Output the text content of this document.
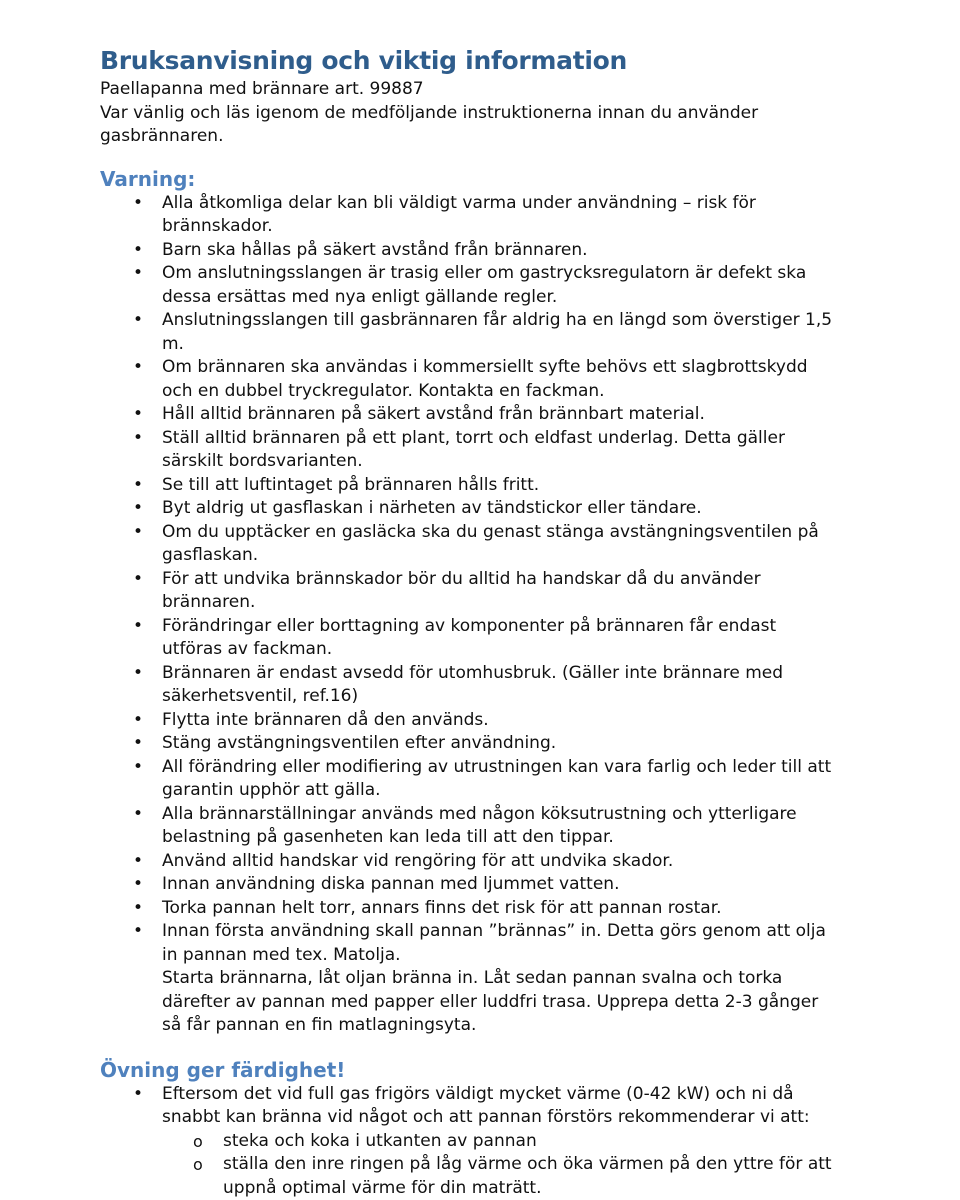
Bruksanvisning och viktig information

Paellapanna med brännare art. 99887

Var vänlig och läs igenom de medföljande instruktionerna innan du använder gasbrännaren.

Varning:
• Alla åtkomliga delar kan bli väldigt varma under användning – risk för brännskador.
• Barn ska hållas på säkert avstånd från brännaren.
• Om anslutningsslangen är trasig eller om gastrycksregulatorn är defekt ska dessa ersättas med nya enligt gällande regler.
• Anslutningsslangen till gasbrännaren får aldrig ha en längd som överstiger 1,5 m.
• Om brännaren ska användas i kommersiellt syfte behövs ett slagbrottskydd och en dubbel tryckregulator. Kontakta en fackman.
• Håll alltid brännaren på säkert avstånd från brännbart material.
• Ställ alltid brännaren på ett plant, torrt och eldfast underlag. Detta gäller särskilt bordsvarianten.
• Se till att luftintaget på brännaren hålls fritt.
• Byt aldrig ut gasflaskan i närheten av tändstickor eller tändare.
• Om du upptäcker en gasläcka ska du genast stänga avstängningsventilen på gasflaskan.
• För att undvika brännskador bör du alltid ha handskar då du använder brännaren.
• Förändringar eller borttagning av komponenter på brännaren får endast utföras av fackman.
• Brännaren är endast avsedd för utomhusbruk. (Gäller inte brännare med säkerhetsventil, ref.16)
• Flytta inte brännaren då den används.
• Stäng avstängningsventilen efter användning.
• All förändring eller modifiering av utrustningen kan vara farlig och leder till att garantin upphör att gälla.
• Alla brännarställningar används med någon köksutrustning och ytterligare belastning på gasenheten kan leda till att den tippar.
• Använd alltid handskar vid rengöring för att undvika skador.
• Innan användning diska pannan med ljummet vatten.
• Torka pannan helt torr, annars finns det risk för att pannan rostar.
• Innan första användning skall pannan ”brännas” in. Detta görs genom att olja in pannan med tex. Matolja.
Starta brännarna, låt oljan bränna in. Låt sedan pannan svalna och torka därefter av pannan med papper eller luddfri trasa. Upprepa detta 2-3 gånger så får pannan en fin matlagningsyta.
Övning ger färdighet!
• Eftersom det vid full gas frigörs väldigt mycket värme (0-42 kW) och ni då snabbt kan bränna vid något och att pannan förstörs rekommenderar vi att:
o steka och koka i utkanten av pannan
o ställa den inre ringen på låg värme och öka värmen på den yttre för att uppnå optimal värme för din maträtt.
